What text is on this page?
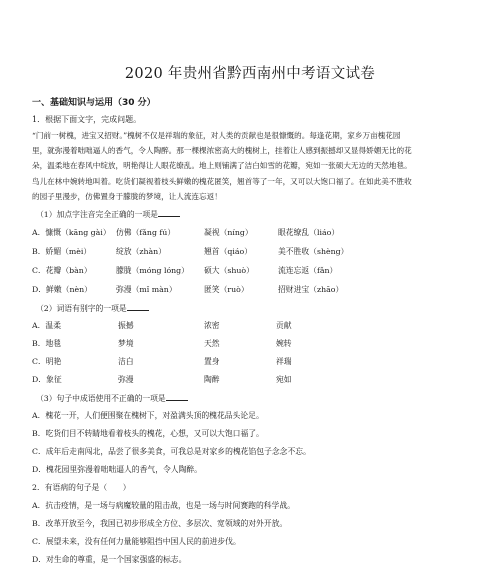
2020 年贵州省黔西南州中考语文试卷
一、基础知识与运用（30 分）
1．根据下面文字，完成问题。
“门前一树槐，进宝又招财。”槐树不仅是祥瑞的象征，对人类的贡献也是很慷慨的。每逢花期，家乡万亩槐花园
里，就弥漫着咄咄逼人的香气，令人陶醉。那一棵棵浓密高大的槐树上，挂着让人感到振撼却又显得娇媚无比的花
朵，温柔地在春风中绽放，明艳得让人眼花缭乱。地上则铺满了洁白如雪的花瓣，宛如一张硕大无边的天然地毯。
鸟儿在林中婉转地叫着。吃货们凝视着枝头鲜嫩的槐花匿笑，翘首等了一年，又可以大饱口福了。在如此美不胜收
的园子里漫步，仿佛置身于朦胧的梦境，让人流连忘返！
（1）加点字注音完全正确的一项是
A．慷慨（kāng gài） 仿佛（fǎng fú）	凝视（níng）	眼花缭乱（liáo）
B．娇媚（mèi）	绽放（zhàn）	翘首（qiáo）	美不胜收（shèng）
C．花瓣（bàn）	朦胧（móng lóng） 硕大（shuò）	流连忘返（fǎn）
D．鲜嫩（nèn）	弥漫（mǐ màn）	匿笑（ruò）	招财进宝（zhāo）
（2）词语有别字的一项是
A．温柔	振撼	浓密	贡献
B．地毯	梦境	天然	婉转
C．明艳	洁白	置身	祥瑞
D．象征	弥漫	陶醉	宛如
（3）句子中成语使用不正确的一项是
A．槐花一开，人们便围聚在槐树下，对盈满头顶的槐花品头论足。
B．吃货们目不转睛地看着枝头的槐花，心想，又可以大饱口福了。
C．成年后走南闯北，品尝了很多美食，可我总是对家乡的槐花馅包子念念不忘。
D．槐花园里弥漫着咄咄逼人的香气，令人陶醉。
2．有语病的句子是（　　）
A．抗击疫情，是一场与病魔较量的阻击战，也是一场与时间赛跑的科学战。
B．改革开放至今，我国已初步形成全方位、多层次、宽领域的对外开放。
C．展望未来，没有任何力量能够阻挡中国人民的前进步伐。
D．对生命的尊重，是一个国家强盛的标志。
